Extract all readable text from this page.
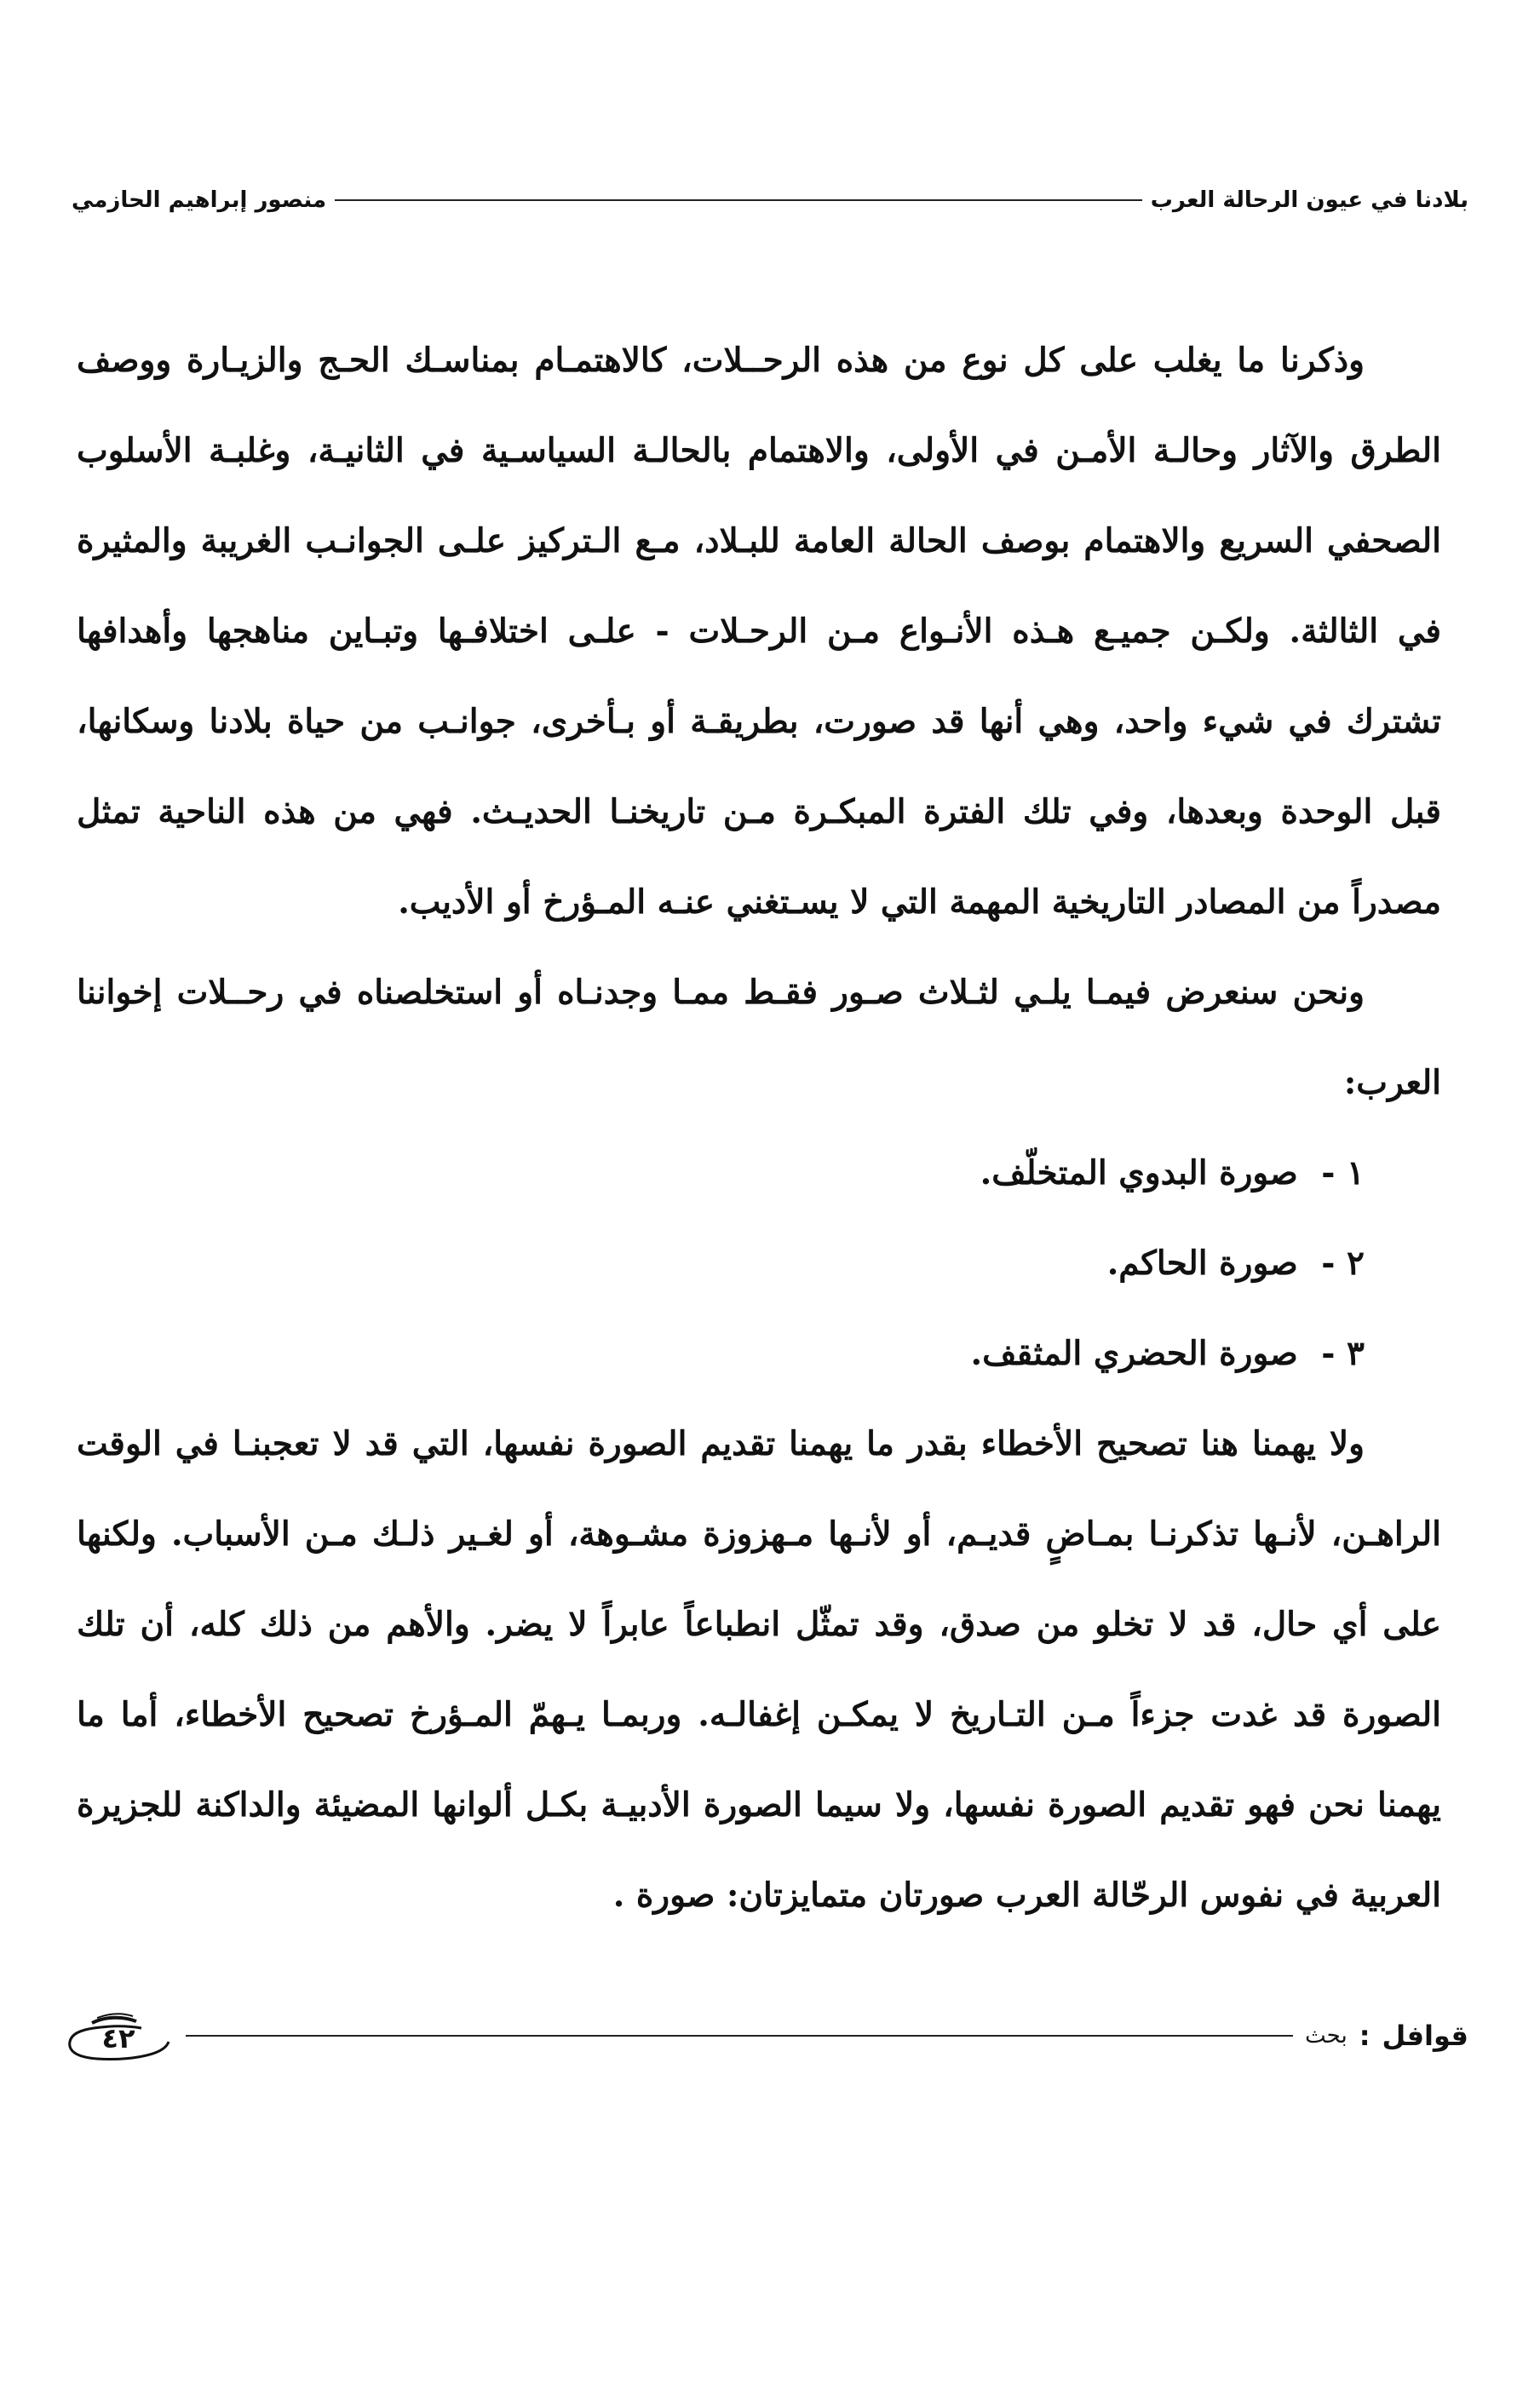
بلادنا في عيون الرحالة العرب
منصور إبراهيم الحازمي

وذكرنا ما يغلب على كل نوع من هذه الرحــلات، كالاهتمـام بمناسـك الحـج والزيـارة ووصف الطرق والآثار وحالـة الأمـن في الأولى، والاهتمام بالحالـة السياسـية في الثانيـة، وغلبـة الأسلوب الصحفي السريع والاهتمام بوصف الحالة العامة للبـلاد، مـع الـتركيز علـى الجوانـب الغريبة والمثيرة في الثالثة. ولكـن جميـع هـذه الأنـواع مـن الرحـلات - علـى اختلافـها وتبـاين مناهجها وأهدافها تشترك في شيء واحد، وهي أنها قد صورت، بطريقـة أو بـأخرى، جوانـب من حياة بلادنا وسكانها، قبل الوحدة وبعدها، وفي تلك الفترة المبكـرة مـن تاريخنـا الحديـث. فهي من هذه الناحية تمثل مصدراً من المصادر التاريخية المهمة التي لا يسـتغني عنـه المـؤرخ أو الأديب.

ونحن سنعرض فيمـا يلـي لثـلاث صـور فقـط ممـا وجدنـاه أو استخلصناه في رحــلات إخواننا العرب:

١ - صورة البدوي المتخلّف.
٢ - صورة الحاكم.
٣ - صورة الحضري المثقف.

ولا يهمنا هنا تصحيح الأخطاء بقدر ما يهمنا تقديم الصورة نفسها، التي قد لا تعجبنـا في الوقت الراهـن، لأنـها تذكرنـا بمـاضٍ قديـم، أو لأنـها مـهزوزة مشـوهة، أو لغـير ذلـك مـن الأسباب. ولكنها على أي حال، قد لا تخلو من صدق، وقد تمثّل انطباعاً عابراً لا يضر. والأهم من ذلك كله، أن تلك الصورة قد غدت جزءاً مـن التـاريخ لا يمكـن إغفالـه. وربمـا يـهمّ المـؤرخ تصحيح الأخطاء، أما ما يهمنا نحن فهو تقديم الصورة نفسها، ولا سيما الصورة الأدبيـة بكـل ألوانها المضيئة والداكنة للجزيرة العربية في نفوس الرحّالة العرب صورتان متمايزتان: صورة .

قوافل
:
بحث
٤٢
